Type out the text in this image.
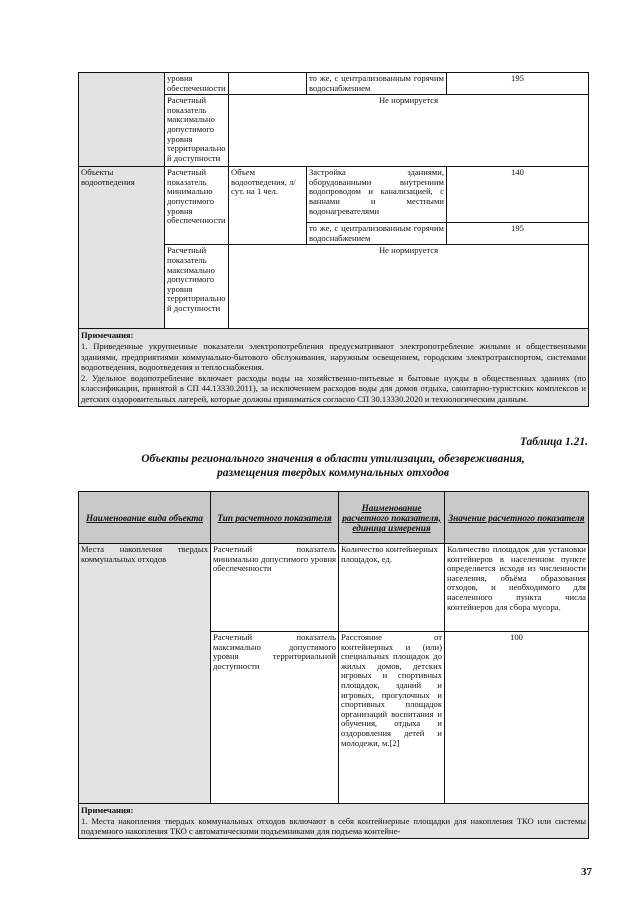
	уровня обеспеченности		то же, с централизованным горячим водоснабжением	195
	Расчетный показатель максимально допустимого уровня территориальной доступности	Не нормируется		
Объекты водоотведения	Расчетный показатель минимально допустимого уровня обеспеченности	Объем водоотведения, л/сут. на 1 чел.	Застройка зданиями, оборудованными внутренним водопроводом и канализацией, с ваннами и местными водонагревателями	140
			то же, с централизованным горячим водоснабжением	195
	Расчетный показатель максимально допустимого уровня территориальной доступности	Не нормируется		
Примечания:
1. Приведенные укрупненные показатели электропотребления предусматривают электропотребление жилыми и общественными зданиями, предприятиями коммунально-бытового обслуживания, наружным освещением, городским электротранспортом, системами водоотведения, водоотведения и теплоснабжения.
2. Удельное водопотребление включает расходы воды на хозяйственно-питьевые и бытовые нужды в общественных зданиях (по классификации, принятой в СП 44.13330.2011), за исключением расходов воды для домов отдыха, санитарно-туристских комплексов и детских оздоровительных лагерей, которые должны приниматься согласно СП 30.13330.2020 и технологическим данным.				
Таблица 1.21.
Объекты регионального значения в области утилизации, обезвреживания,
размещения твердых коммунальных отходов
Наименование вида объекта	Тип расчетного показателя	Наименование расчетного показателя, единица измерения	Значение расчетного показателя
Места накопления твердых коммунальных отходов	Расчетный показатель минимально допустимого уровня обеспеченности	Количество контейнерных площадок, ед.	Количество площадок для установки контейнеров в населенном пункте определяется исходя из численности населения, объёма образования отходов, и необходимого для населенного пункта числа контейнеров для сбора мусора.
	Расчетный показатель максимально допустимого уровня территориальной доступности	Расстояние от контейнерных и (или) специальных площадок до жилых домов, детских игровых и спортивных площадок, зданий и игровых, прогулочных и спортивных площадок организаций воспитания и обучения, отдыха и оздоровления детей и молодежи, м.[2]	100
Примечания:
1. Места накопления твердых коммунальных отходов включают в себя контейнерные площадки для накопления ТКО или системы подземного накопления ТКО с автоматическими подъемниками для подъема контейне-			
37
